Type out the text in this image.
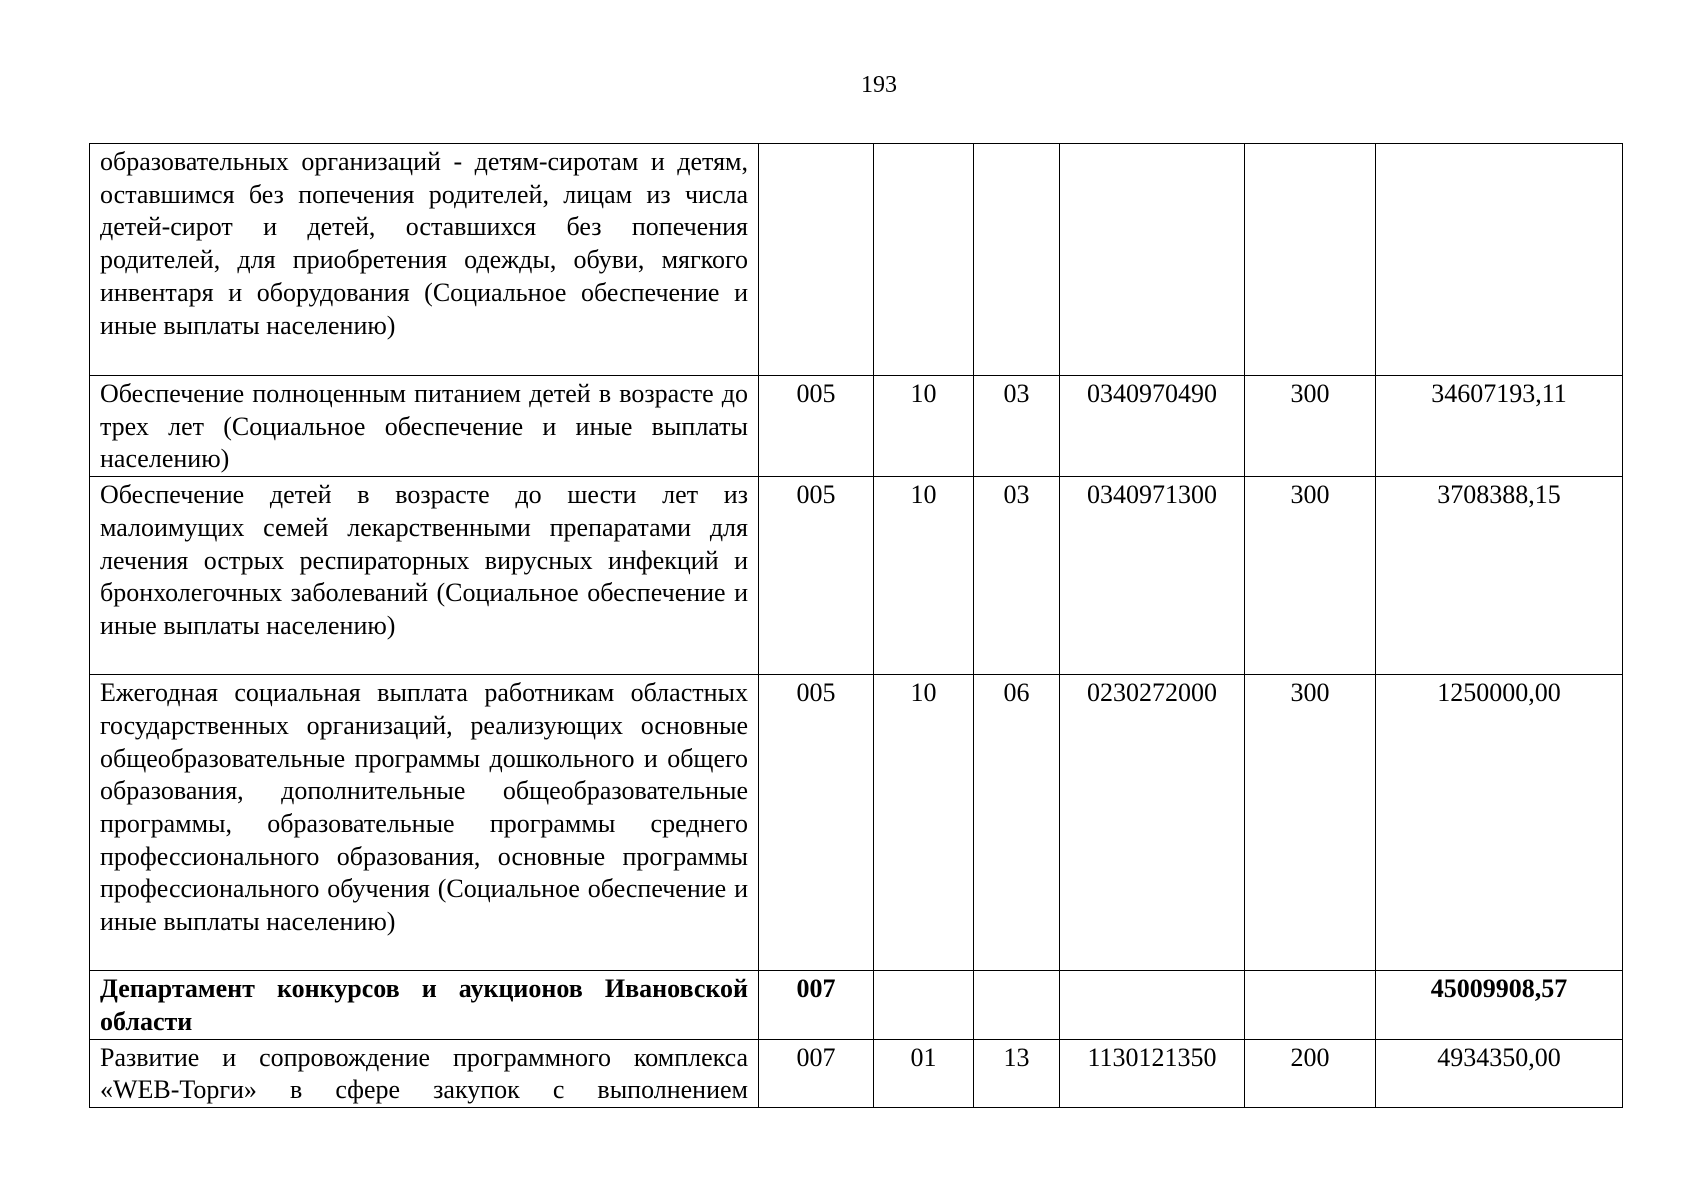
193
образовательных организаций - детям-сиротам и детям, оставшимся без попечения родителей, лицам из числа детей-сирот и детей, оставшихся без попечения родителей, для приобретения одежды, обуви, мягкого инвентаря и оборудования (Социальное обеспечение и иные выплаты населению)						
Обеспечение полноценным питанием детей в возрасте до трех лет (Социальное обеспечение и иные выплаты населению)	005	10	03	0340970490	300	34607193,11
Обеспечение детей в возрасте до шести лет из малоимущих семей лекарственными препаратами для лечения острых респираторных вирусных инфекций и бронхолегочных заболеваний (Социальное обеспечение и иные выплаты населению)	005	10	03	0340971300	300	3708388,15
Ежегодная социальная выплата работникам областных государственных организаций, реализующих основные общеобразовательные программы дошкольного и общего образования, дополнительные общеобразовательные программы, образовательные программы среднего профессионального образования, основные программы профессионального обучения (Социальное обеспечение и иные выплаты населению)	005	10	06	0230272000	300	1250000,00
Департамент конкурсов и аукционов Ивановской области	007					45009908,57
Развитие и сопровождение программного комплекса «WEB-Торги» в сфере закупок с выполнением	007	01	13	1130121350	200	4934350,00
